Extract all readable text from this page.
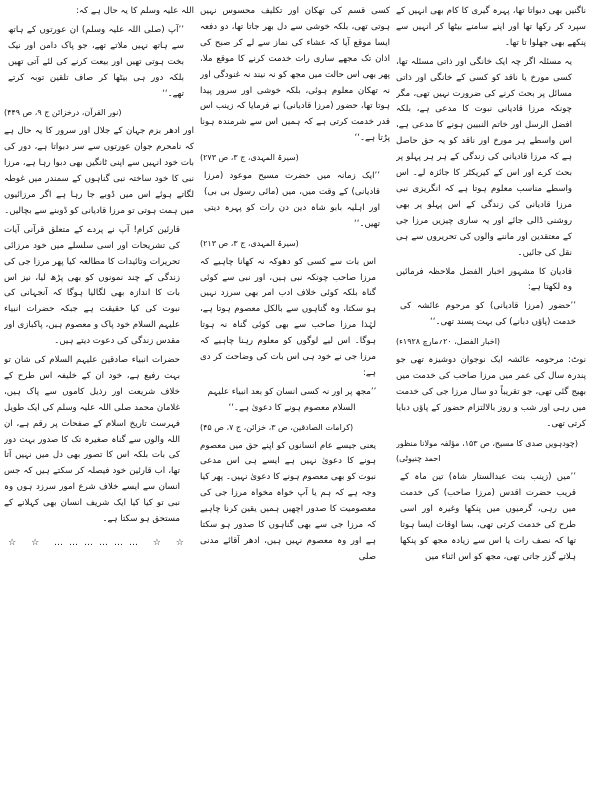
ناگنیں بھی دبواتا تھا، پہرہ گیری کا کام بھی انہیں کے سپرد کر رکھا تھا اور اپنے سامنے بیٹھا کر انہیں سے پنکھے بھی جھلوا تا تھا۔

یہ مسئلہ اگر چہ ایک خانگی اور ذاتی مسئلہ تھا، کسی مورخ یا ناقد کو کسی کے خانگی اور ذاتی مسائل پر بحث کرنے کی ضرورت نہیں تھی، مگر چونکہ مرزا قادیانی نبوت کا مدعی ہے، بلکہ افضل الرسل اور خاتم النبیین ہونے کا مدعی ہے، اس واسطے ہر مورخ اور ناقد کو یہ حق حاصل ہے کہ مرزا قادیانی کی زندگی کے ہر ہر پہلو پر بحث کرے اور اس کے کیریکٹر کا جائزہ لے۔ اس واسطے مناسب معلوم ہوتا ہے کہ انگریزی نبی مرزا قادیانی کی زندگی کے اس پہلو پر بھی روشنی ڈالی جائے اور یہ ساری چیزیں مرزا جی کے معتقدین اور ماننے والوں کی تحریروں سے ہی نقل کی جائیں۔

قادیان کا مشہور اخبار الفضل ملاحظہ فرمائیں وہ لکھتا ہے:

’’حضور (مرزا قادیانی) کو مرحوم عائشہ کی خدمت (پاؤں دبانے) کی بہت پسند تھی۔‘‘

(اخبار الفضل، ۲۰؍مارچ ۱۹۲۸ء)

نوٹ: مرحومہ عائشہ ایک نوجوان دوشیزہ تھی جو پندرہ سال کی عمر میں مرزا صاحب کی خدمت میں بھیج گئی تھی، جو تقریباً دو سال مرزا جی کی خدمت میں رہی اور شب و روز بالالتزام حضور کے پاؤں دبایا کرتی تھی۔

(چودہویں صدی کا مسیح، ص ۱۵۳، مؤلفہ مولانا منظور احمد چنیوٹی)

’’میں (زینب بنت عبدالستار شاہ) تین ماہ کے قریب حضرت اقدس (مرزا صاحب) کی خدمت میں رہی، گرمیوں میں پنکھا وغیرہ اور اسی طرح کی خدمت کرتی تھی، بسا اوقات ایسا ہوتا تھا کہ نصف رات یا اس سے زیادہ مجھ کو پنکھا ہلاتے گزر جاتی تھی، مجھ کو اس اثناء میں

کسی قسم کی تھکان اور تکلیف محسوس نہیں ہوتی تھی، بلکہ خوشی سے دل بھر جاتا تھا، دو دفعہ ایسا موقع آیا کہ عشاء کی نماز سے لے کر صبح کی اذان تک مجھے ساری رات خدمت کرنے کا موقع ملا، پھر بھی اس حالت میں مجھ کو نہ نیند نہ غنودگی اور نہ تھکان معلوم ہوئی، بلکہ خوشی اور سرور پیدا ہوتا تھا، حضور (مرزا قادیانی) نے فرمایا کہ زینب اس قدر خدمت کرتی ہے کہ ہمیں اس سے شرمندہ ہونا پڑتا ہے۔‘‘

(سیرۃ المہدی، ج ۳، ص ۲۷۳)

’’ایک زمانہ میں حضرت مسیح موعود (مرزا قادیانی) کے وقت میں، میں (مائی رسول بی بی) اور اہلیہ بابو شاہ دین دن رات کو پہرہ دیتی تھیں۔‘‘

(سیرۃ المہدی، ج ۳، ص ۲۱۳)

اس بات سے کسی کو دھوکہ نہ کھانا چاہیے کہ مرزا صاحب چونکہ نبی ہیں، اور نبی سے کوئی گناہ بلکہ کوئی خلاف ادب امر بھی سرزد نہیں ہو سکتا، وہ گناہوں سے بالکل معصوم ہوتا ہے، لہٰذا مرزا صاحب سے بھی کوئی گناہ نہ ہوتا ہوگا۔ اس لیے لوگوں کو معلوم رہنا چاہیے کہ مرزا جی نے خود ہی اس بات کی وضاحت کر دی ہے:

’’مجھ پر اور نہ کسی انسان کو بعد انبیاء علیہم السلام معصوم ہونے کا دعویٰ ہے۔‘‘

(کرامات الصادقین، ص ۳، خزائن، ج ۷، ص ۴۵)

یعنی جیسے عام انسانوں کو اپنے حق میں معصوم ہونے کا دعویٰ نہیں ہے ایسے ہی اس مدعی نبوت کو بھی معصوم ہونے کا دعویٰ نہیں۔ پھر کیا وجہ ہے کہ ہم یا آپ خواہ مخواہ مرزا جی کی معصومیت کا صدور اچھیں ہمیں یقین کرنا چاہیے کہ مرزا جی سے بھی گناہوں کا صدور ہو سکتا ہے اور وہ معصوم نہیں ہیں، ادھر آقائے مدنی صلی

اللہ علیہ وسلم کا یہ حال ہے کہ:

’’آپ (صلی اللہ علیہ وسلم) ان عورتوں کے ہاتھ سے ہاتھ نہیں ملاتے تھے، جو پاک دامن اور نیک بخت ہوتی تھیں اور بیعت کرنے کی لئے آتی تھیں بلکہ دور ہی بیٹھا کر صاف تلقین توبہ کرتے تھے۔‘‘

(نور القرآن، درخزائن ج ۹، ص ۴۴۹)

اور ادھر بزم جہان کے جلال اور سرور کا یہ حال ہے کہ نامحرم جوان عورتوں سے سر دبواتا ہے، دور کی بات خود انہیں سے اپنی ٹانگیں بھی دبوا رہا ہے، مرزا نبی کا خود ساختہ نبی گناہوں کے سمندر میں غوطہ لگاتے ہوئے اس میں ڈوبے جا رہا ہے اگر مرزائیوں میں ہمت ہوتی تو مرزا قادیانی کو ڈوبنے سے بچالیں۔

قارئین کرام! آپ نے پردے کے متعلق قرآنی آیات کی تشریحات اور اسی سلسلے میں خود مرزائی تحریرات وتائیدات کا مطالعہ کیا پھر مرزا جی کی زندگی کے چند نمونوں کو بھی پڑھ لیا، نیز اس بات کا اندازہ بھی لگالیا ہوگا کہ آنجہانی کی نبوت کی کیا حقیقت ہے جبکہ حضرات انبیاء علیہم السلام خود پاک و معصوم ہیں، پاکبازی اور مقدس زندگی کی دعوت دیتے ہیں۔

حضرات انبیاء صادقین علیہم السلام کی شان تو بہت رفیع ہے، خود ان کے خلیفہ اس طرح کے خلاف شریعت اور رذیل کاموں سے پاک ہیں، غلامان محمد صلی اللہ علیہ وسلم کی ایک طویل فہرست تاریخ اسلام کے صفحات پر رقم ہے، ان اللہ والوں سے گناہ صغیرہ تک کا صدور بہت دور کی بات بلکہ اس کا تصور بھی دل میں نہیں آتا تھا، اب قارئین خود فیصلہ کر سکتے ہیں کہ جس انسان سے ایسے خلاف شرع امور سرزد ہوں وہ نبی تو کیا کیا ایک شریف انسان بھی کہلانے کے مستحق ہو سکتا ہے۔

☆ ☆ ……………… ☆ ☆
